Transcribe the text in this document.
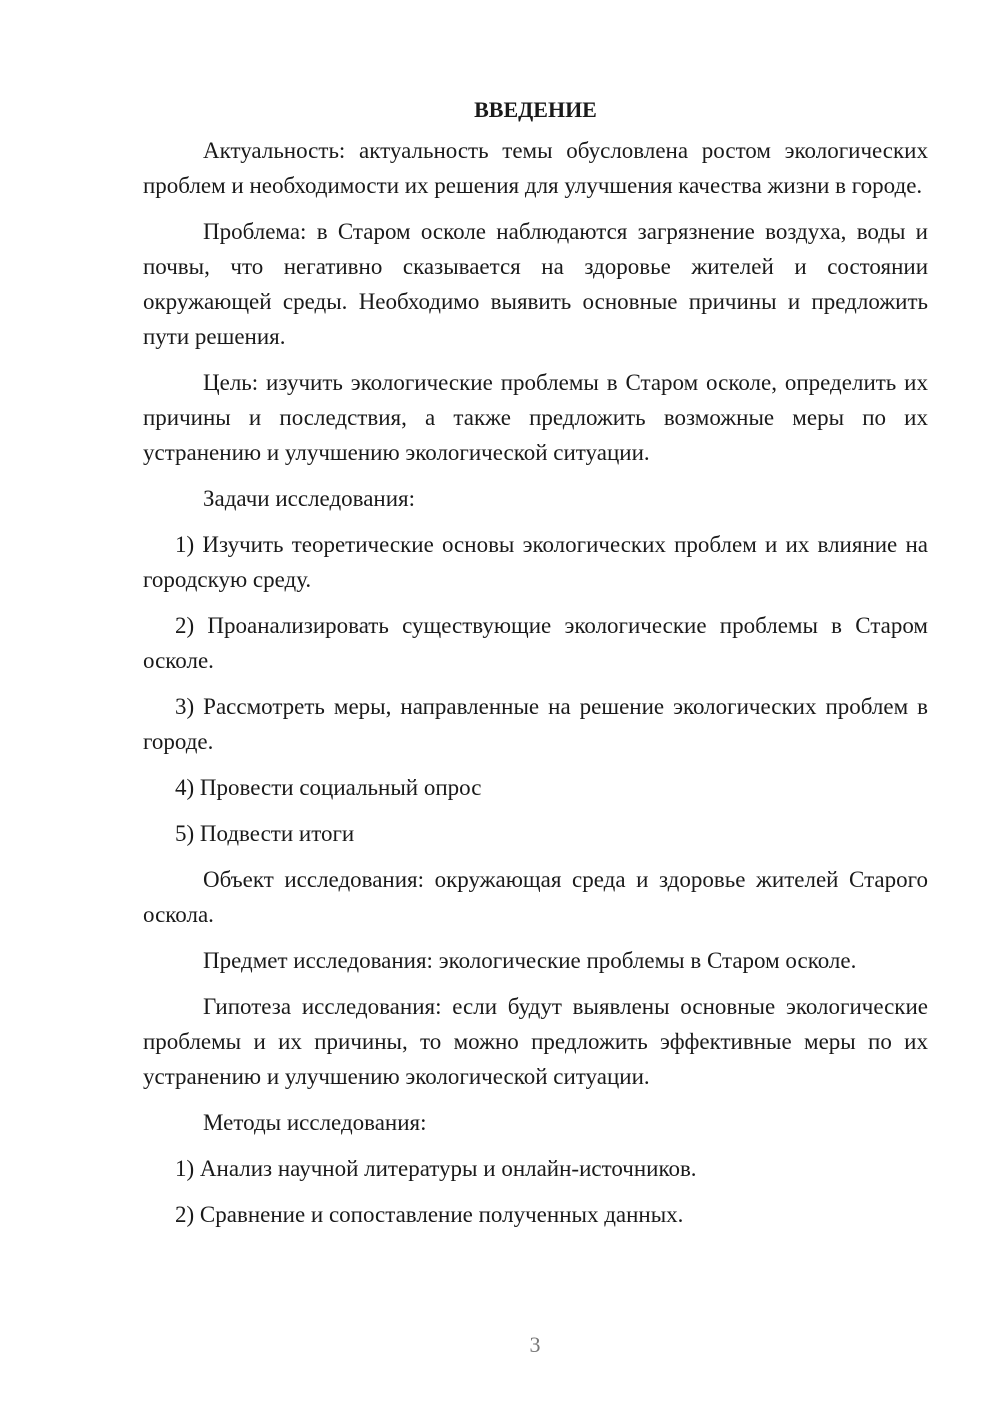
ВВЕДЕНИЕ

Актуальность: актуальность темы обусловлена ростом экологических проблем и необходимости их решения для улучшения качества жизни в городе.

Проблема: в Старом осколе наблюдаются загрязнение воздуха, воды и почвы, что негативно сказывается на здоровье жителей и состоянии окружающей среды. Необходимо выявить основные причины и предложить пути решения.

Цель: изучить экологические проблемы в Старом осколе, определить их причины и последствия, а также предложить возможные меры по их устранению и улучшению экологической ситуации.

Задачи исследования:

1) Изучить теоретические основы экологических проблем и их влияние на городскую среду.

2) Проанализировать существующие экологические проблемы в Старом осколе.

3) Рассмотреть меры, направленные на решение экологических проблем в городе.

4) Провести социальный опрос

5) Подвести итоги

Объект исследования: окружающая среда и здоровье жителей Старого оскола.

Предмет исследования: экологические проблемы в Старом осколе.

Гипотеза исследования: если будут выявлены основные экологические проблемы и их причины, то можно предложить эффективные меры по их устранению и улучшению экологической ситуации.

Методы исследования:

1) Анализ научной литературы и онлайн-источников.

2) Сравнение и сопоставление полученных данных.

3
